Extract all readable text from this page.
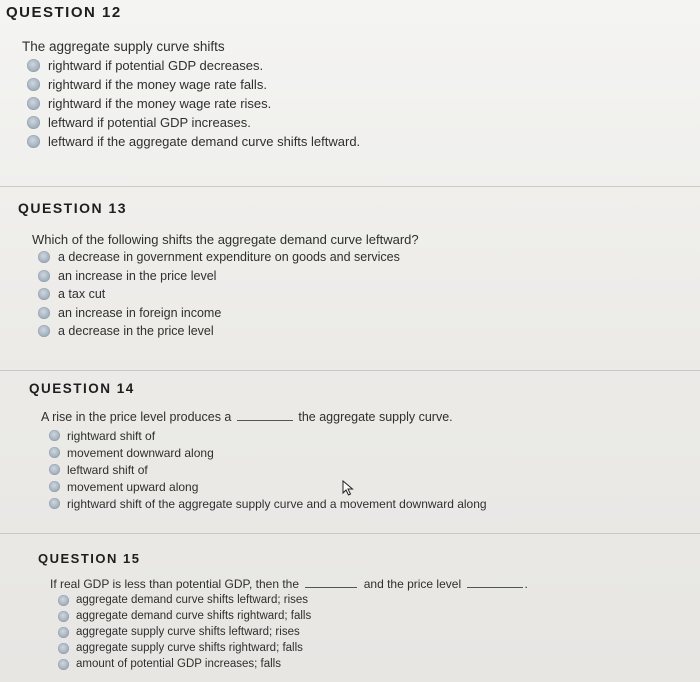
QUESTION 12
The aggregate supply curve shifts
rightward if potential GDP decreases.
rightward if the money wage rate falls.
rightward if the money wage rate rises.
leftward if potential GDP increases.
leftward if the aggregate demand curve shifts leftward.
QUESTION 13
Which of the following shifts the aggregate demand curve leftward?
a decrease in government expenditure on goods and services
an increase in the price level
a tax cut
an increase in foreign income
a decrease in the price level
QUESTION 14
A rise in the price level produces a	the aggregate supply curve.
rightward shift of
movement downward along
leftward shift of
movement upward along
rightward shift of the aggregate supply curve and a movement downward along
QUESTION 15
If real GDP is less than potential GDP, then the	and the price level	.
aggregate demand curve shifts leftward; rises
aggregate demand curve shifts rightward; falls
aggregate supply curve shifts leftward; rises
aggregate supply curve shifts rightward; falls
amount of potential GDP increases; falls
